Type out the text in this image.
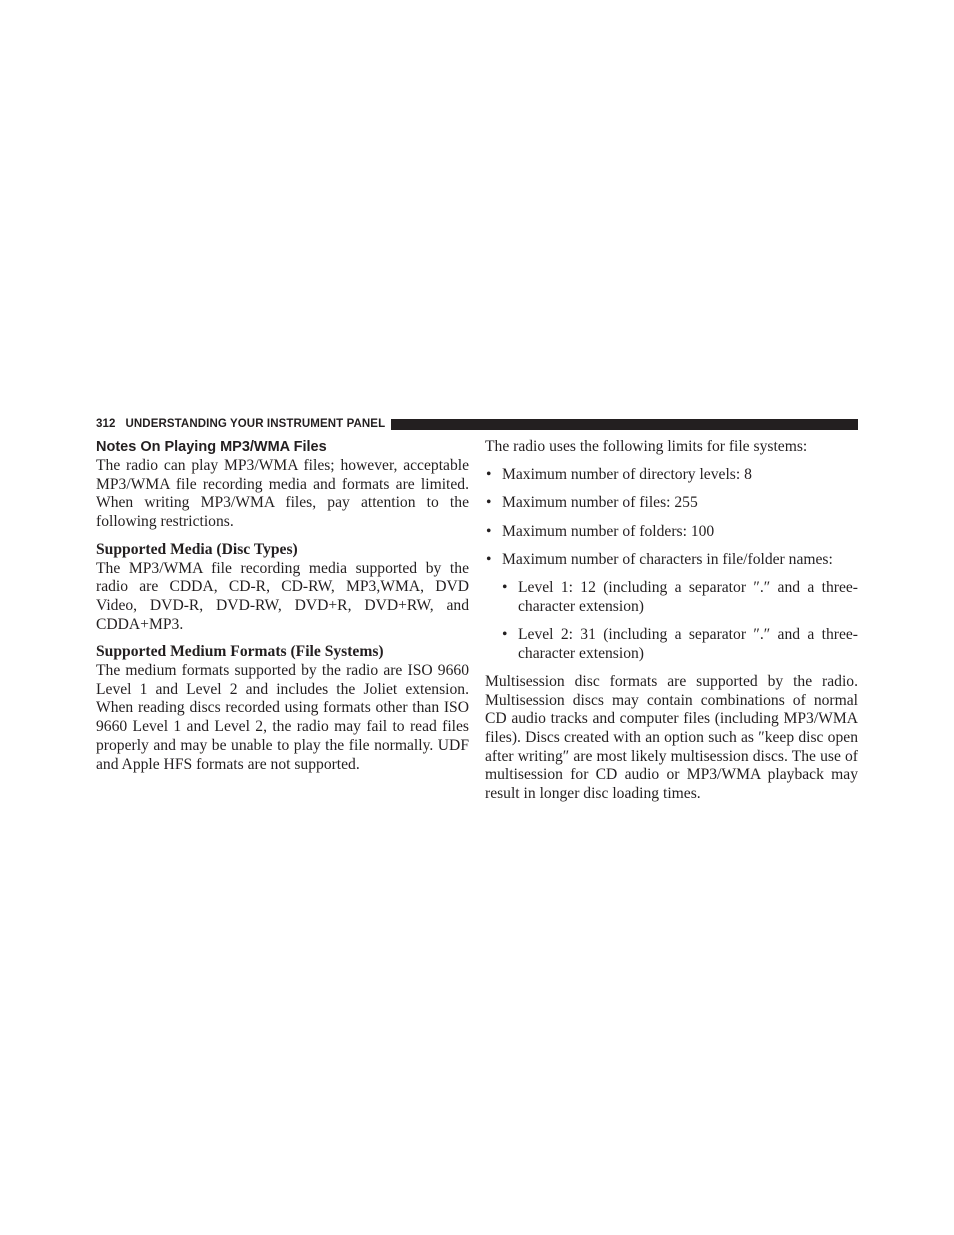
312 UNDERSTANDING YOUR INSTRUMENT PANEL
Notes On Playing MP3/WMA Files

The radio can play MP3/WMA files; however, acceptable MP3/WMA file recording media and formats are limited. When writing MP3/WMA files, pay attention to the following restrictions.

Supported Media (Disc Types)

The MP3/WMA file recording media supported by the radio are CDDA, CD-R, CD-RW, MP3,WMA, DVD Video, DVD-R, DVD-RW, DVD+R, DVD+RW, and CDDA+MP3.

Supported Medium Formats (File Systems)

The medium formats supported by the radio are ISO 9660 Level 1 and Level 2 and includes the Joliet extension. When reading discs recorded using formats other than ISO 9660 Level 1 and Level 2, the radio may fail to read files properly and may be unable to play the file normally. UDF and Apple HFS formats are not supported.

The radio uses the following limits for file systems:

• Maximum number of directory levels: 8
• Maximum number of files: 255
• Maximum number of folders: 100
• Maximum number of characters in file/folder names:
• Level 1: 12 (including a separator ″.″ and a three-character extension)
• Level 2: 31 (including a separator ″.″ and a three-character extension)

Multisession disc formats are supported by the radio. Multisession discs may contain combinations of normal CD audio tracks and computer files (including MP3/WMA files). Discs created with an option such as ″keep disc open after writing″ are most likely multisession discs. The use of multisession for CD audio or MP3/WMA playback may result in longer disc loading times.
